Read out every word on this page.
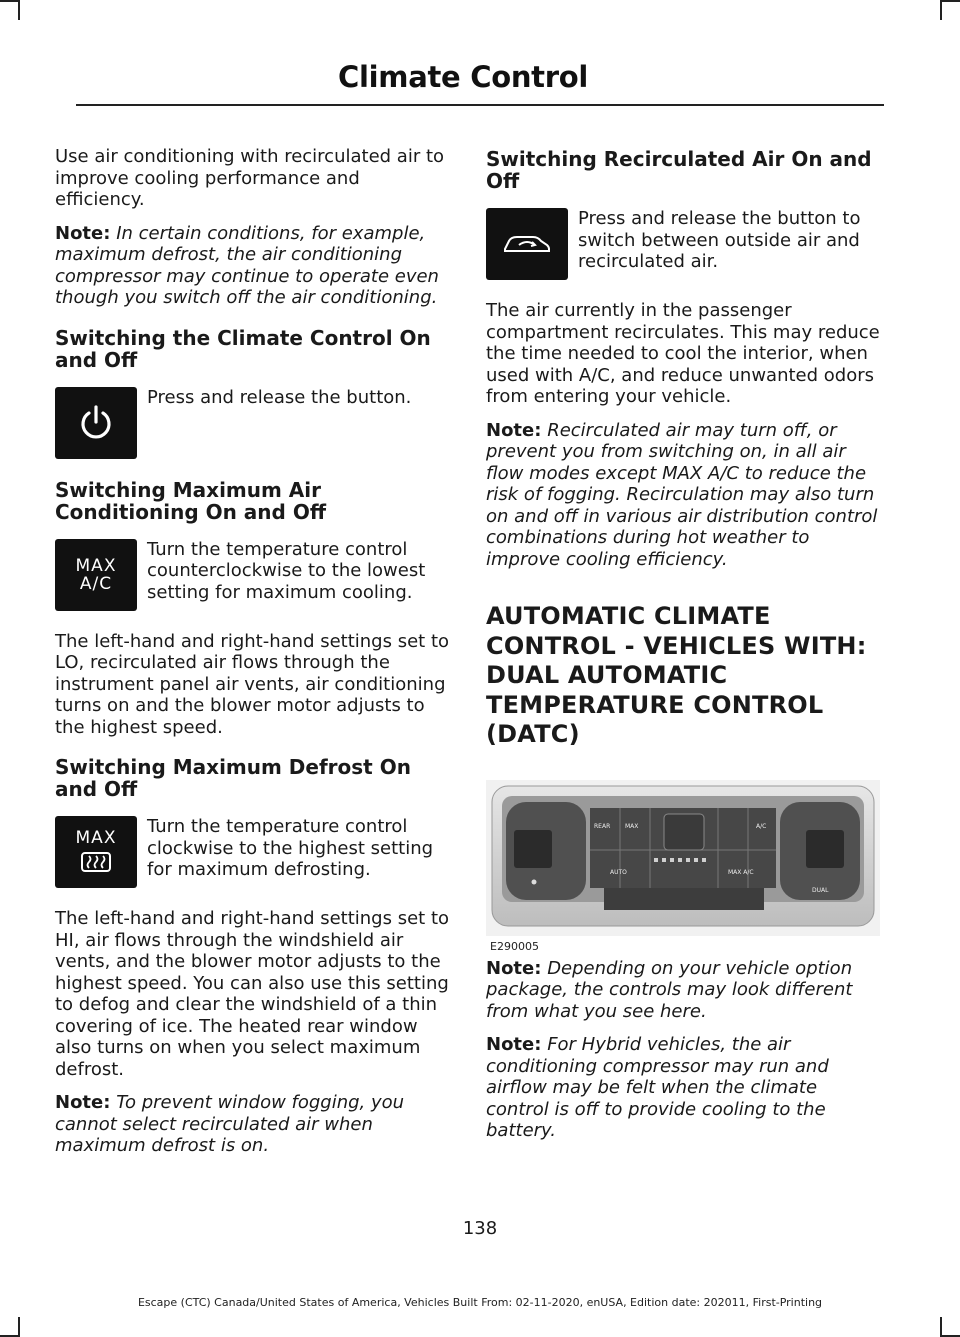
Climate Control

Use air conditioning with recirculated air to improve cooling performance and efficiency.

Note: In certain conditions, for example, maximum defrost, the air conditioning compressor may continue to operate even though you switch off the air conditioning.

Switching the Climate Control On and Off

Press and release the button.

Switching Maximum Air Conditioning On and Off
MAX
A/C

Turn the temperature control counterclockwise to the lowest setting for maximum cooling.

The left-hand and right-hand settings set to LO, recirculated air flows through the instrument panel air vents, air conditioning turns on and the blower motor adjusts to the highest speed.

Switching Maximum Defrost On and Off
MAX

Turn the temperature control clockwise to the highest setting for maximum defrosting.

The left-hand and right-hand settings set to HI, air flows through the windshield air vents, and the blower motor adjusts to the highest speed. You can also use this setting to defog and clear the windshield of a thin covering of ice. The heated rear window also turns on when you select maximum defrost.

Note: To prevent window fogging, you cannot select recirculated air when maximum defrost is on.

Switching Recirculated Air On and Off

Press and release the button to switch between outside air and recirculated air.

The air currently in the passenger compartment recirculates. This may reduce the time needed to cool the interior, when used with A/C, and reduce unwanted odors from entering your vehicle.

Note: Recirculated air may turn off, or prevent you from switching on, in all air flow modes except MAX A/C to reduce the risk of fogging. Recirculation may also turn on and off in various air distribution control combinations during hot weather to improve cooling efficiency.

AUTOMATIC CLIMATE CONTROL - VEHICLES WITH: DUAL AUTOMATIC TEMPERATURE CONTROL (DATC)
REAR MAX	A/C
AUTO	MAX A/C
DUAL
E290005

Note: Depending on your vehicle option package, the controls may look different from what you see here.

Note: For Hybrid vehicles, the air conditioning compressor may run and airflow may be felt when the climate control is off to provide cooling to the battery.

138
Escape (CTC) Canada/United States of America, Vehicles Built From: 02-11-2020, enUSA, Edition date: 202011, First-Printing
